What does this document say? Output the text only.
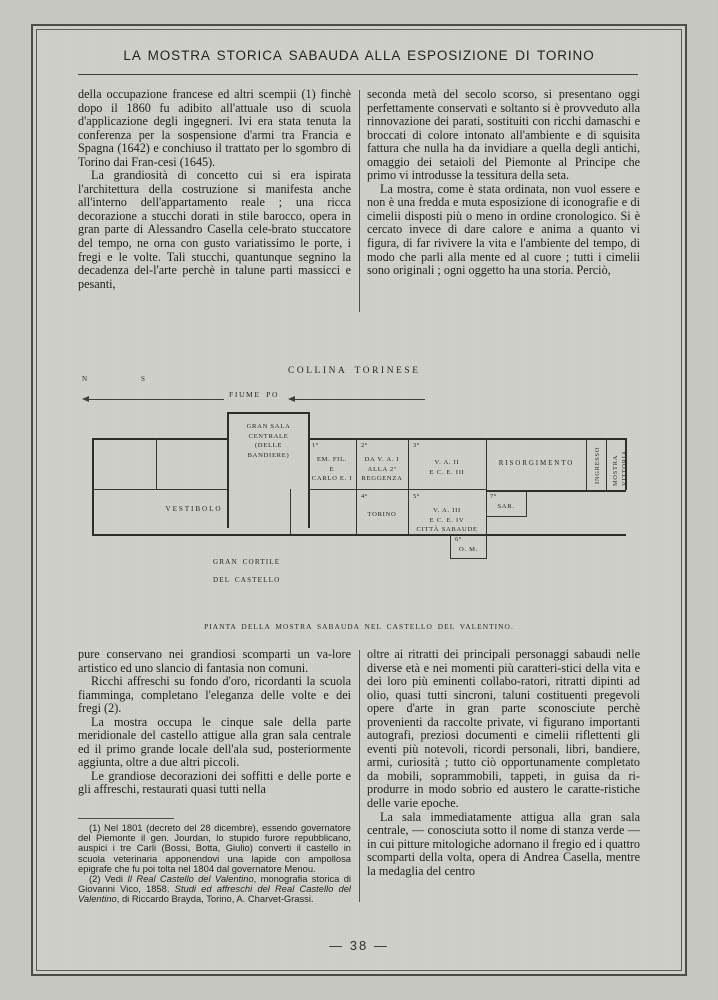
LA MOSTRA STORICA SABAUDA ALLA ESPOSIZIONE DI TORINO

della occupazione francese ed altri scempii (1) finchè dopo il 1860 fu adibito all'attuale uso di scuola d'applicazione degli ingegneri. Ivi era stata tenuta la conferenza per la sospensione d'armi tra Francia e Spagna (1642) e conchiuso il trattato per lo sgombro di Torino dai Fran-cesi (1645).

La grandiosità di concetto cui si era ispirata l'architettura della costruzione si manifesta anche all'interno dell'appartamento reale ; una ricca decorazione a stucchi dorati in stile barocco, opera in gran parte di Alessandro Casella cele-brato stuccatore del tempo, ne orna con gusto variatissimo le porte, i fregi e le volte. Tali stucchi, quantunque segnino la decadenza del-l'arte perchè in talune parti massicci e pesanti,

seconda metà del secolo scorso, si presentano oggi perfettamente conservati e soltanto si è provveduto alla rinnovazione dei parati, sostituiti con ricchi damaschi e broccati di colore intonato all'ambiente e di squisita fattura che nulla ha da invidiare a quella degli antichi, omaggio dei setaioli del Piemonte al Principe che primo vi introdusse la tessitura della seta.

La mostra, come è stata ordinata, non vuol essere e non è una fredda e muta esposizione di iconografie e di cimelii disposti più o meno in ordine cronologico. Si è cercato invece di dare calore e anima a quanto vi figura, di far rivivere la vita e l'ambiente del tempo, di modo che parli alla mente ed al cuore ; tutti i cimelii sono originali ; ogni oggetto ha una storia. Perciò,

COLLINA TORINESE
FIUME PO
N	S
GRAN SALA
CENTRALE
(DELLE
BANDIERE)
1°
EM. FIL.
E
CARLO E. I
2°
DA V. A. I
ALLA 2ª
REGGENZA
3°
V. A. II
E C. E. III
4°
TORINO
5°
V. A. III
E C. E. IV
CITTÀ SABAUDE
6°
O. M.
7°
SAR.
RISORGIMENTO
VESTIBOLO
INGRESSO MOSTRA VITTORIA
GRAN CORTILE
DEL CASTELLO
PIANTA DELLA MOSTRA SABAUDA NEL CASTELLO DEL VALENTINO.

pure conservano nei grandiosi scomparti un va-lore artistico ed uno slancio di fantasia non comuni.

Ricchi affreschi su fondo d'oro, ricordanti la scuola fiamminga, completano l'eleganza delle volte e dei fregi (2).

La mostra occupa le cinque sale della parte meridionale del castello attigue alla gran sala centrale ed il primo grande locale dell'ala sud, posteriormente aggiunta, oltre a due altri piccoli.

Le grandiose decorazioni dei soffitti e delle porte e gli affreschi, restaurati quasi tutti nella

oltre ai ritratti dei principali personaggi sabaudi nelle diverse età e nei momenti più caratteri-stici della vita e dei loro più eminenti collabo-ratori, ritratti dipinti ad olio, quasi tutti sincroni, taluni costituenti pregevoli opere d'arte in gran parte sconosciute perchè provenienti da raccolte private, vi figurano importanti autografi, preziosi documenti e cimelii riflettenti gli eventi più notevoli, ricordi personali, libri, bandiere, armi, curiosità ; tutto ciò opportunamente completato da mobili, soprammobili, tappeti, in guisa da ri-produrre in modo sobrio ed austero le caratte-ristiche delle varie epoche.

La sala immediatamente attigua alla gran sala centrale, — conosciuta sotto il nome di stanza verde — in cui pitture mitologiche adornano il fregio ed i quattro scomparti della volta, opera di Andrea Casella, mentre la medaglia del centro

(1) Nel 1801 (decreto del 28 dicembre), essendo governatore del Piemonte il gen. Jourdan, lo stupido furore repubblicano, auspici i tre Carli (Bossi, Botta, Giulio) converti il castello in scuola veterinaria apponendovi una lapide con ampollosa epigrafe che fu poi tolta nel 1804 dal governatore Menou.

(2) Vedi Il Real Castello del Valentino, monografia storica di Giovanni Vico, 1858. Studi ed affreschi del Real Castello del Valentino, di Riccardo Brayda, Torino, A. Charvet-Grassi.

— 38 —
